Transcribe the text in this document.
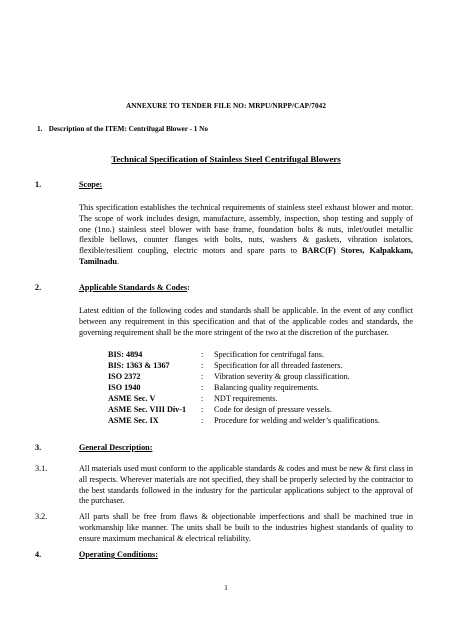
ANNEXURE TO TENDER FILE NO: MRPU/NRPP/CAP/7042
1. Description of the ITEM: Centrifugal Blower - 1 No
Technical Specification of Stainless Steel Centrifugal Blowers
1.	Scope:
This specification establishes the technical requirements of stainless steel exhaust blower and motor. The scope of work includes design, manufacture, assembly, inspection, shop testing and supply of one (1no.) stainless steel blower with base frame, foundation bolts & nuts, inlet/outlet metallic flexible bellows, counter flanges with bolts, nuts, washers & gaskets, vibration isolators, flexible/resilient coupling, electric motors and spare parts to BARC(F) Stores, Kalpakkam, Tamilnadu.
2.	Applicable Standards & Codes:
Latest edition of the following codes and standards shall be applicable. In the event of any conflict between any requirement in this specification and that of the applicable codes and standards, the governing requirement shall be the more stringent of the two at the discretion of the purchaser.
BIS: 4894	: Specification for centrifugal fans.
BIS: 1363 & 1367	: Specification for all threaded fasteners.
ISO 2372	: Vibration severity & group classification.
ISO 1940	: Balancing quality requirements.
ASME Sec. V	: NDT requirements.
ASME Sec. VIII Div-1 : Code for design of pressure vessels.
ASME Sec. IX	: Procedure for welding and welder’s qualifications.
3.	General Description:
3.1.	All materials used must conform to the applicable standards & codes and must be new & first class in all respects. Wherever materials are not specified, they shall be properly selected by the contractor to the best standards followed in the industry for the particular applications subject to the approval of the purchaser.
3.2.	All parts shall be free from flaws & objectionable imperfections and shall be machined true in workmanship like manner. The units shall be built to the industries highest standards of quality to ensure maximum mechanical & electrical reliability.
4.	Operating Conditions:
1
